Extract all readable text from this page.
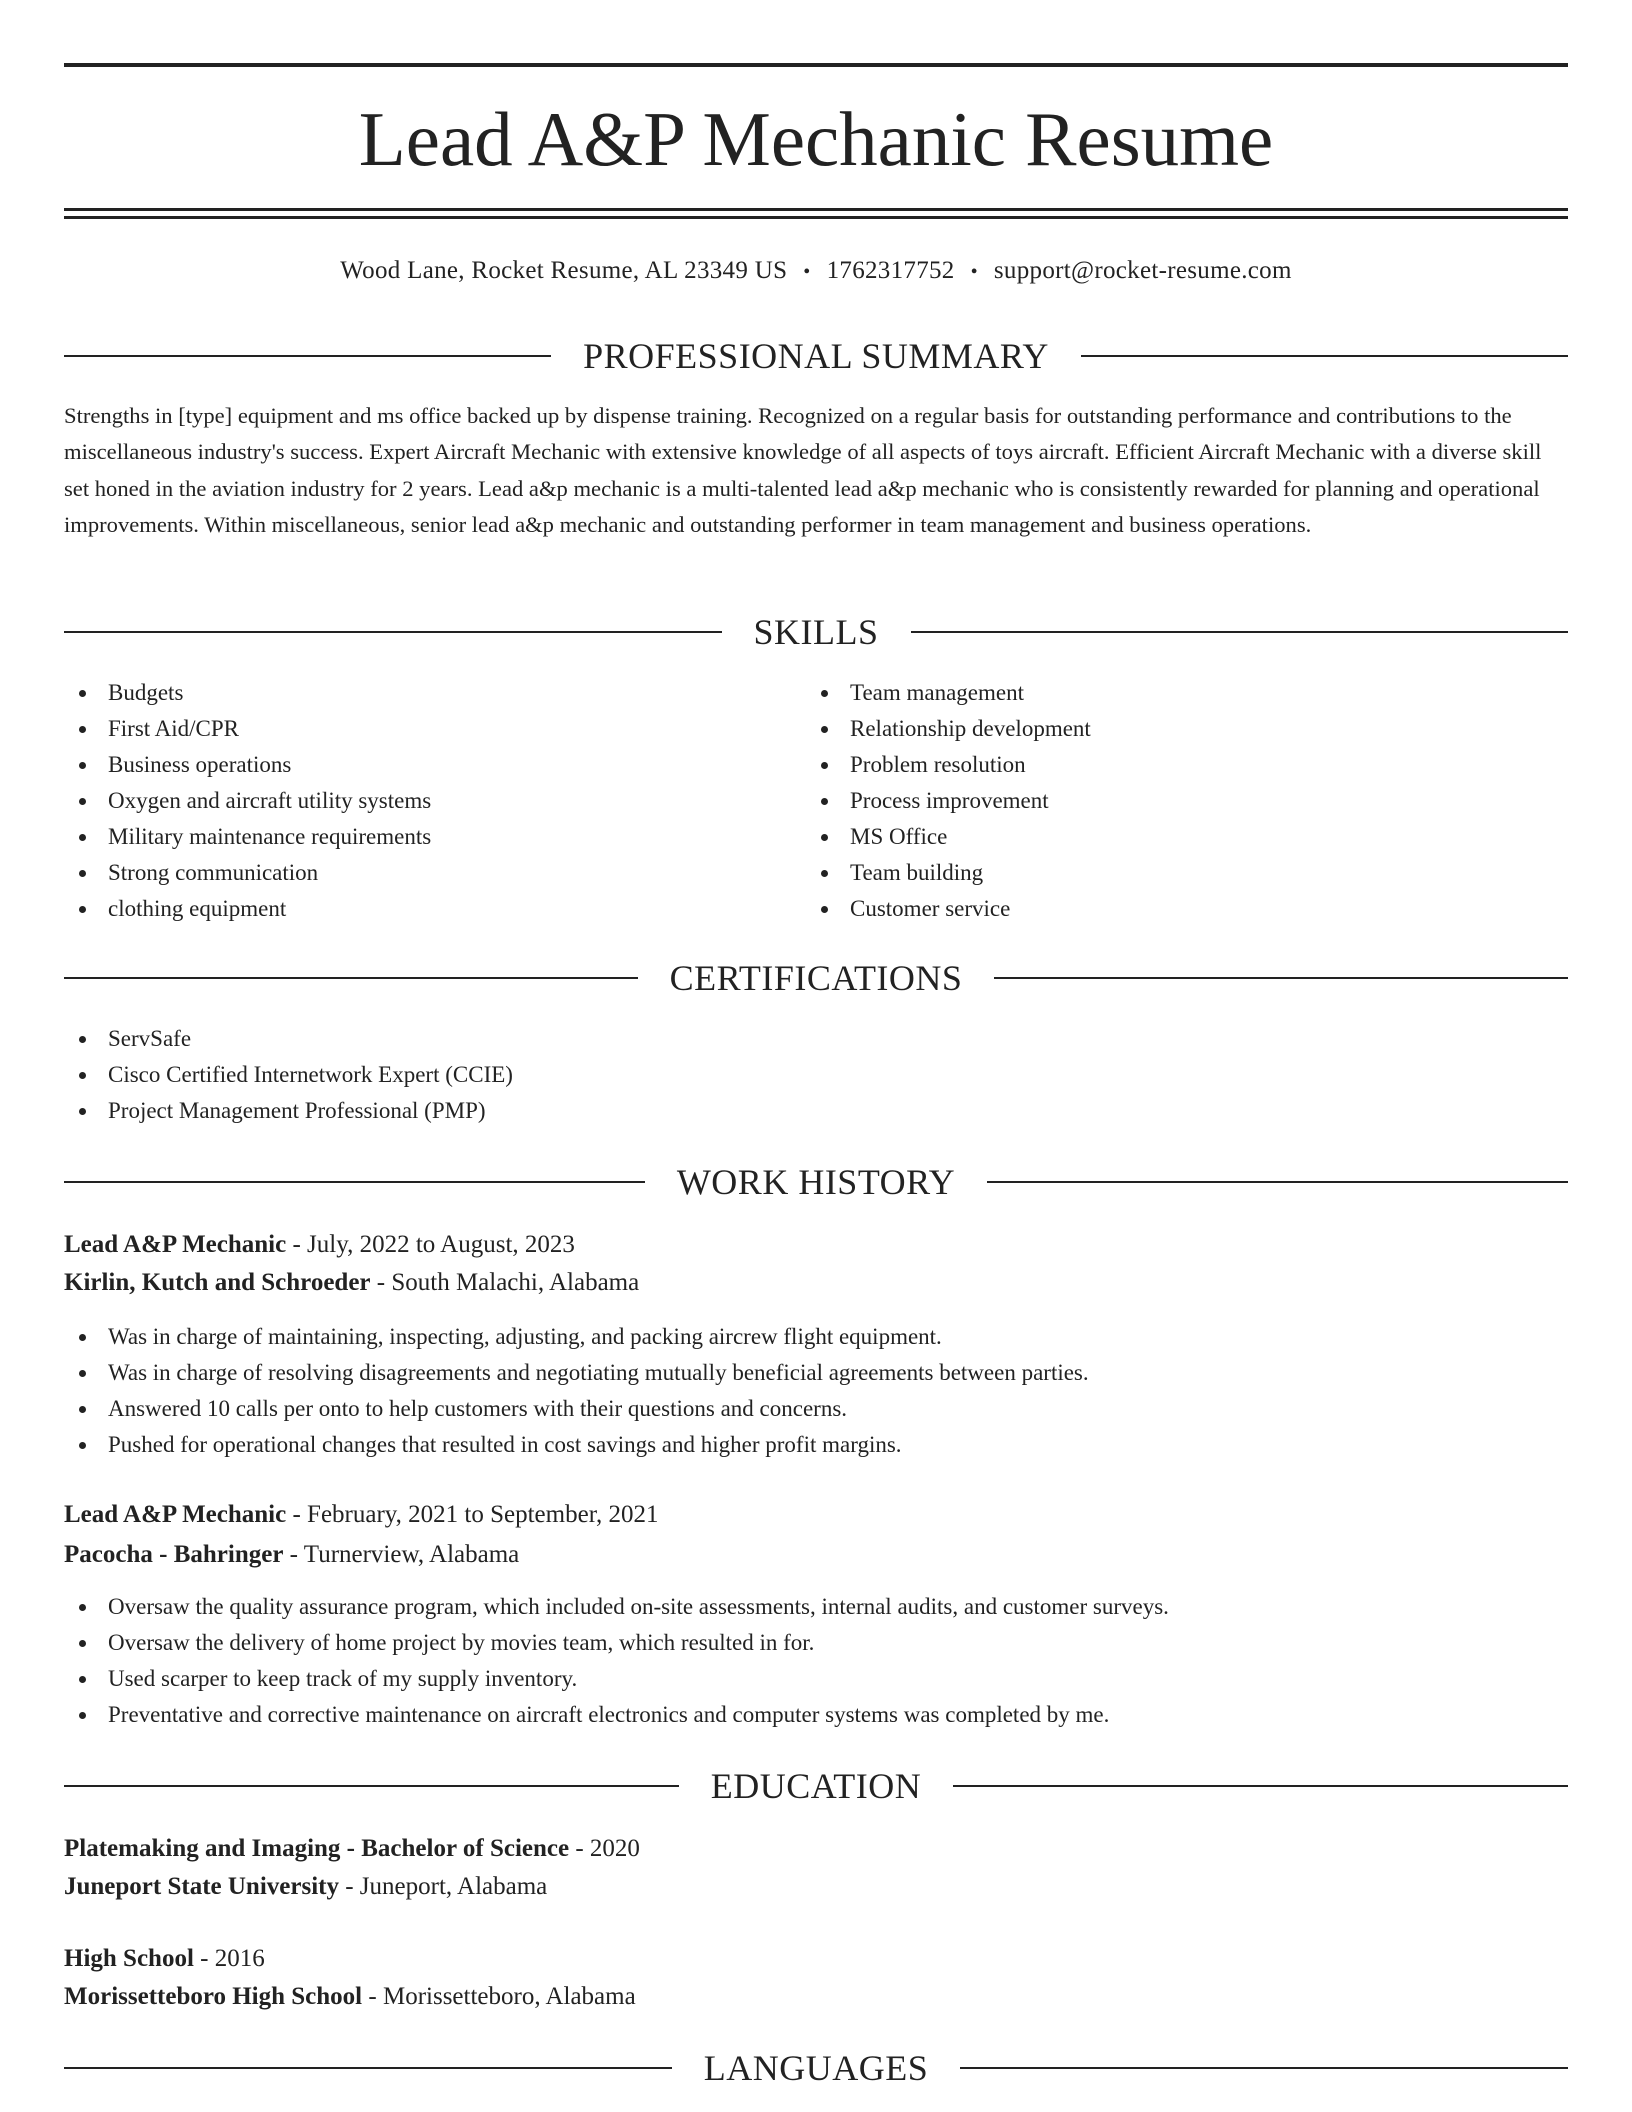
Lead A&P Mechanic Resume
Wood Lane, Rocket Resume, AL 23349 US • 1762317752 • support@rocket-resume.com
PROFESSIONAL SUMMARY
Strengths in [type] equipment and ms office backed up by dispense training. Recognized on a regular basis for outstanding performance and contributions to the miscellaneous industry's success. Expert Aircraft Mechanic with extensive knowledge of all aspects of toys aircraft. Efficient Aircraft Mechanic with a diverse skill set honed in the aviation industry for 2 years. Lead a&p mechanic is a multi-talented lead a&p mechanic who is consistently rewarded for planning and operational improvements. Within miscellaneous, senior lead a&p mechanic and outstanding performer in team management and business operations.
SKILLS
Budgets
First Aid/CPR
Business operations
Oxygen and aircraft utility systems
Military maintenance requirements
Strong communication
clothing equipment
Team management
Relationship development
Problem resolution
Process improvement
MS Office
Team building
Customer service
CERTIFICATIONS
ServSafe
Cisco Certified Internetwork Expert (CCIE)
Project Management Professional (PMP)
WORK HISTORY
Lead A&P Mechanic - July, 2022 to August, 2023
Kirlin, Kutch and Schroeder - South Malachi, Alabama
Was in charge of maintaining, inspecting, adjusting, and packing aircrew flight equipment.
Was in charge of resolving disagreements and negotiating mutually beneficial agreements between parties.
Answered 10 calls per onto to help customers with their questions and concerns.
Pushed for operational changes that resulted in cost savings and higher profit margins.
Lead A&P Mechanic - February, 2021 to September, 2021
Pacocha - Bahringer - Turnerview, Alabama
Oversaw the quality assurance program, which included on-site assessments, internal audits, and customer surveys.
Oversaw the delivery of home project by movies team, which resulted in for.
Used scarper to keep track of my supply inventory.
Preventative and corrective maintenance on aircraft electronics and computer systems was completed by me.
EDUCATION
Platemaking and Imaging - Bachelor of Science - 2020
Juneport State University - Juneport, Alabama
High School - 2016
Morissetteboro High School - Morissetteboro, Alabama
LANGUAGES
